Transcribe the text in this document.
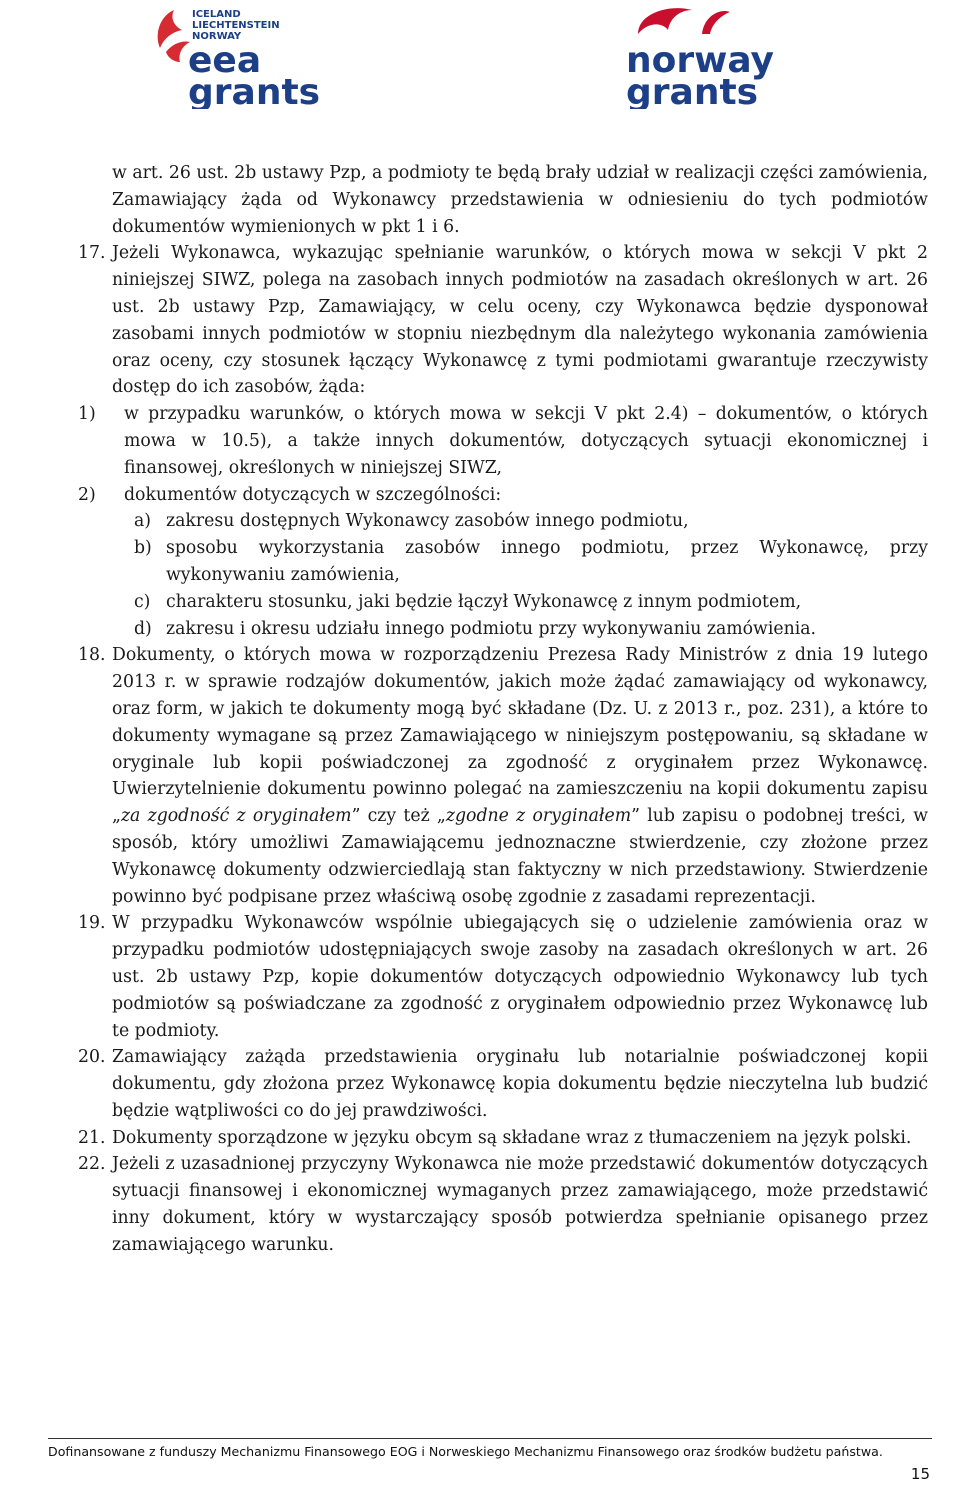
ICELAND
LIECHTENSTEIN
NORWAY
eea
grants
norway
grants

w art. 26 ust. 2b ustawy Pzp, a podmioty te będą brały udział w realizacji części zamówienia, Zamawiający żąda od Wykonawcy przedstawienia w odniesieniu do tych podmiotów dokumentów wymienionych w pkt 1 i 6.

17. Jeżeli Wykonawca, wykazując spełnianie warunków, o których mowa w sekcji V pkt 2 niniejszej SIWZ, polega na zasobach innych podmiotów na zasadach określonych w art. 26 ust. 2b ustawy Pzp, Zamawiający, w celu oceny, czy Wykonawca będzie dysponował zasobami innych podmiotów w stopniu niezbędnym dla należytego wykonania zamówienia oraz oceny, czy stosunek łączący Wykonawcę z tymi podmiotami gwarantuje rzeczywisty dostęp do ich zasobów, żąda:
1) w przypadku warunków, o których mowa w sekcji V pkt 2.4) – dokumentów, o których mowa w 10.5), a także innych dokumentów, dotyczących sytuacji ekonomicznej i finansowej, określonych w niniejszej SIWZ,
2) dokumentów dotyczących w szczególności:
a) zakresu dostępnych Wykonawcy zasobów innego podmiotu,
b) sposobu wykorzystania zasobów innego podmiotu, przez Wykonawcę, przy wykonywaniu zamówienia,
c) charakteru stosunku, jaki będzie łączył Wykonawcę z innym podmiotem,
d) zakresu i okresu udziału innego podmiotu przy wykonywaniu zamówienia.
18. Dokumenty, o których mowa w rozporządzeniu Prezesa Rady Ministrów z dnia 19 lutego 2013 r. w sprawie rodzajów dokumentów, jakich może żądać zamawiający od wykonawcy, oraz form, w jakich te dokumenty mogą być składane (Dz. U. z 2013 r., poz. 231), a które to dokumenty wymagane są przez Zamawiającego w niniejszym postępowaniu, są składane w oryginale lub kopii poświadczonej za zgodność z oryginałem przez Wykonawcę. Uwierzytelnienie dokumentu powinno polegać na zamieszczeniu na kopii dokumentu zapisu „za zgodność z oryginałem” czy też „zgodne z oryginałem” lub zapisu o podobnej treści, w sposób, który umożliwi Zamawiającemu jednoznaczne stwierdzenie, czy złożone przez Wykonawcę dokumenty odzwierciedlają stan faktyczny w nich przedstawiony. Stwierdzenie powinno być podpisane przez właściwą osobę zgodnie z zasadami reprezentacji.
19. W przypadku Wykonawców wspólnie ubiegających się o udzielenie zamówienia oraz w przypadku podmiotów udostępniających swoje zasoby na zasadach określonych w art. 26 ust. 2b ustawy Pzp, kopie dokumentów dotyczących odpowiednio Wykonawcy lub tych podmiotów są poświadczane za zgodność z oryginałem odpowiednio przez Wykonawcę lub te podmioty.
20. Zamawiający zażąda przedstawienia oryginału lub notarialnie poświadczonej kopii dokumentu, gdy złożona przez Wykonawcę kopia dokumentu będzie nieczytelna lub budzić będzie wątpliwości co do jej prawdziwości.
21. Dokumenty sporządzone w języku obcym są składane wraz z tłumaczeniem na język polski.
22. Jeżeli z uzasadnionej przyczyny Wykonawca nie może przedstawić dokumentów dotyczących sytuacji finansowej i ekonomicznej wymaganych przez zamawiającego, może przedstawić inny dokument, który w wystarczający sposób potwierdza spełnianie opisanego przez zamawiającego warunku.
Dofinansowane z funduszy Mechanizmu Finansowego EOG i Norweskiego Mechanizmu Finansowego oraz środków budżetu państwa.
15
